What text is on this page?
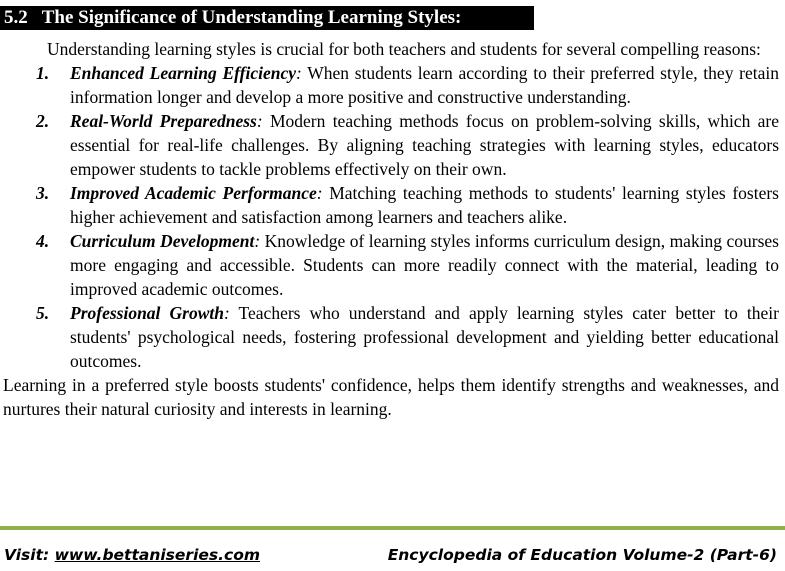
5.2 The Significance of Understanding Learning Styles:

Understanding learning styles is crucial for both teachers and students for several compelling reasons:

1. Enhanced Learning Efficiency: When students learn according to their preferred style, they retain information longer and develop a more positive and constructive understanding.
2. Real-World Preparedness: Modern teaching methods focus on problem-solving skills, which are essential for real-life challenges. By aligning teaching strategies with learning styles, educators empower students to tackle problems effectively on their own.
3. Improved Academic Performance: Matching teaching methods to students' learning styles fosters higher achievement and satisfaction among learners and teachers alike.
4. Curriculum Development: Knowledge of learning styles informs curriculum design, making courses more engaging and accessible. Students can more readily connect with the material, leading to improved academic outcomes.
5. Professional Growth: Teachers who understand and apply learning styles cater better to their students' psychological needs, fostering professional development and yielding better educational outcomes.

Learning in a preferred style boosts students' confidence, helps them identify strengths and weaknesses, and nurtures their natural curiosity and interests in learning.

Visit: www.bettaniseries.com	Encyclopedia of Education Volume-2 (Part-6)
